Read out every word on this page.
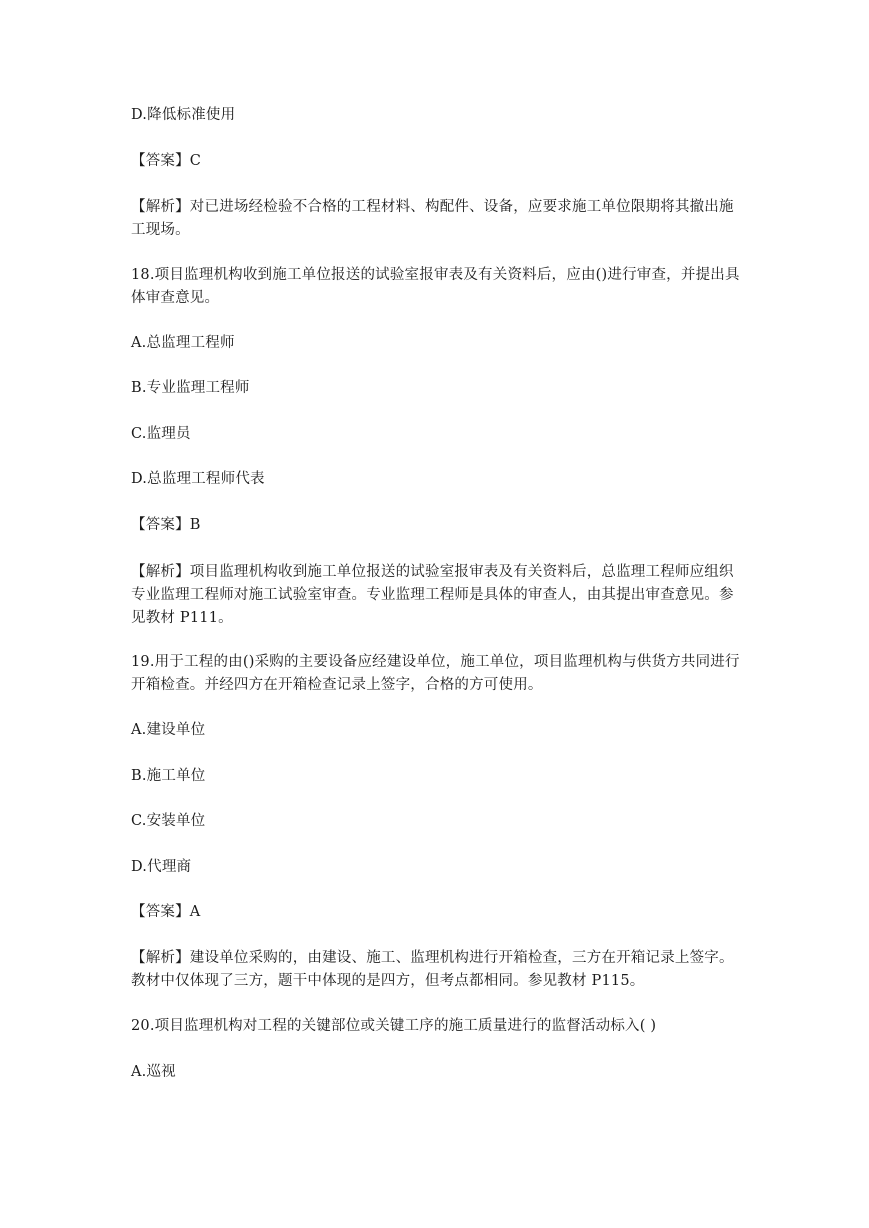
D.降低标准使用
【答案】C
【解析】对已进场经检验不合格的工程材料、构配件、设备，应要求施工单位限期将其撤出施工现场。
18.项目监理机构收到施工单位报送的试验室报审表及有关资料后，应由()进行审查，并提出具体审查意见。
A.总监理工程师
B.专业监理工程师
C.监理员
D.总监理工程师代表
【答案】B
【解析】项目监理机构收到施工单位报送的试验室报审表及有关资料后，总监理工程师应组织专业监理工程师对施工试验室审查。专业监理工程师是具体的审查人，由其提出审查意见。参见教材 P111。
19.用于工程的由()采购的主要设备应经建设单位，施工单位，项目监理机构与供货方共同进行开箱检查。并经四方在开箱检查记录上签字，合格的方可使用。
A.建设单位
B.施工单位
C.安装单位
D.代理商
【答案】A
【解析】建设单位采购的，由建设、施工、监理机构进行开箱检查，三方在开箱记录上签字。教材中仅体现了三方，题干中体现的是四方，但考点都相同。参见教材 P115。
20.项目监理机构对工程的关键部位或关键工序的施工质量进行的监督活动标入( )
A.巡视
